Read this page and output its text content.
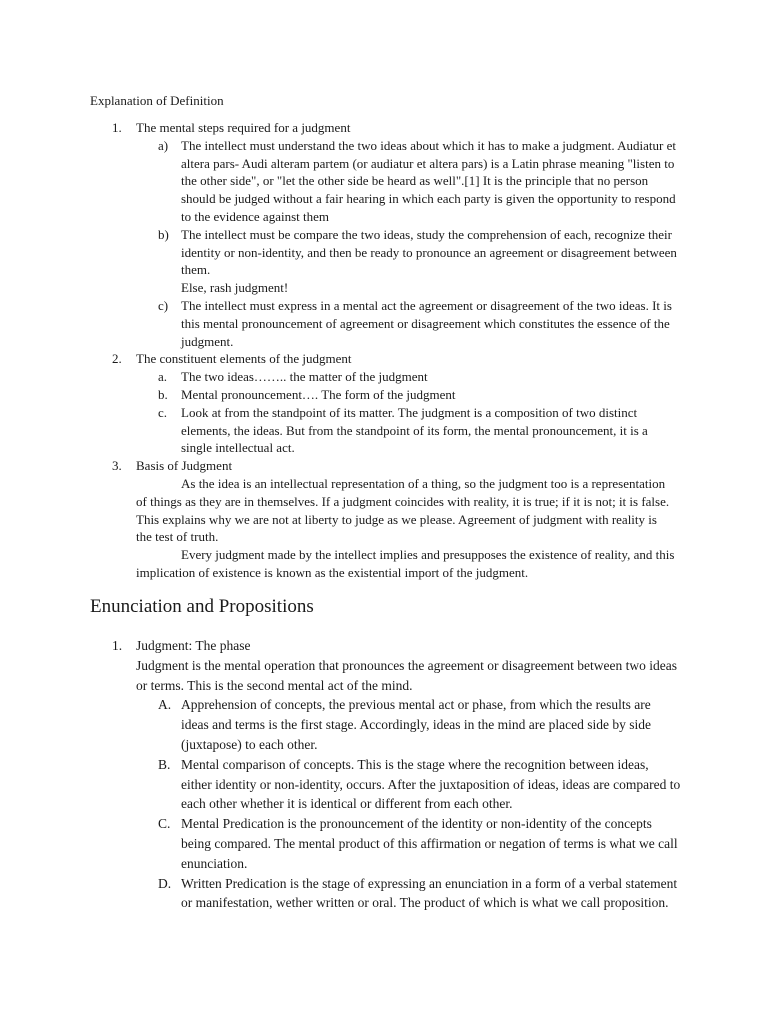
Explanation of Definition
1. The mental steps required for a judgment
a) The intellect must understand the two ideas about which it has to make a judgment. Audiatur et altera pars- Audi alteram partem (or audiatur et altera pars) is a Latin phrase meaning "listen to the other side", or "let the other side be heard as well".[1] It is the principle that no person should be judged without a fair hearing in which each party is given the opportunity to respond to the evidence against them
b) The intellect must be compare the two ideas, study the comprehension of each, recognize their identity or non-identity, and then be ready to pronounce an agreement or disagreement between them.
Else, rash judgment!
c) The intellect must express in a mental act the agreement or disagreement of the two ideas. It is this mental pronouncement of agreement or disagreement which constitutes the essence of the judgment.
2. The constituent elements of the judgment
a. The two ideas…….. the matter of the judgment
b. Mental pronouncement…. The form of the judgment
c. Look at from the standpoint of its matter. The judgment is a composition of two distinct elements, the ideas. But from the standpoint of its form, the mental pronouncement, it is a single intellectual act.
3. Basis of Judgment

As the idea is an intellectual representation of a thing, so the judgment too is a representation of things as they are in themselves. If a judgment coincides with reality, it is true; if it is not; it is false. This explains why we are not at liberty to judge as we please. Agreement of judgment with reality is the test of truth.

Every judgment made by the intellect implies and presupposes the existence of reality, and this implication of existence is known as the existential import of the judgment.

Enunciation and Propositions
1. Judgment: The phase
Judgment is the mental operation that pronounces the agreement or disagreement between two ideas or terms. This is the second mental act of the mind.
A. Apprehension of concepts, the previous mental act or phase, from which the results are ideas and terms is the first stage. Accordingly, ideas in the mind are placed side by side (juxtapose) to each other.
B. Mental comparison of concepts. This is the stage where the recognition between ideas, either identity or non-identity, occurs. After the juxtaposition of ideas, ideas are compared to each other whether it is identical or different from each other.
C. Mental Predication is the pronouncement of the identity or non-identity of the concepts being compared. The mental product of this affirmation or negation of terms is what we call enunciation.
D. Written Predication is the stage of expressing an enunciation in a form of a verbal statement or manifestation, wether written or oral. The product of which is what we call proposition.
